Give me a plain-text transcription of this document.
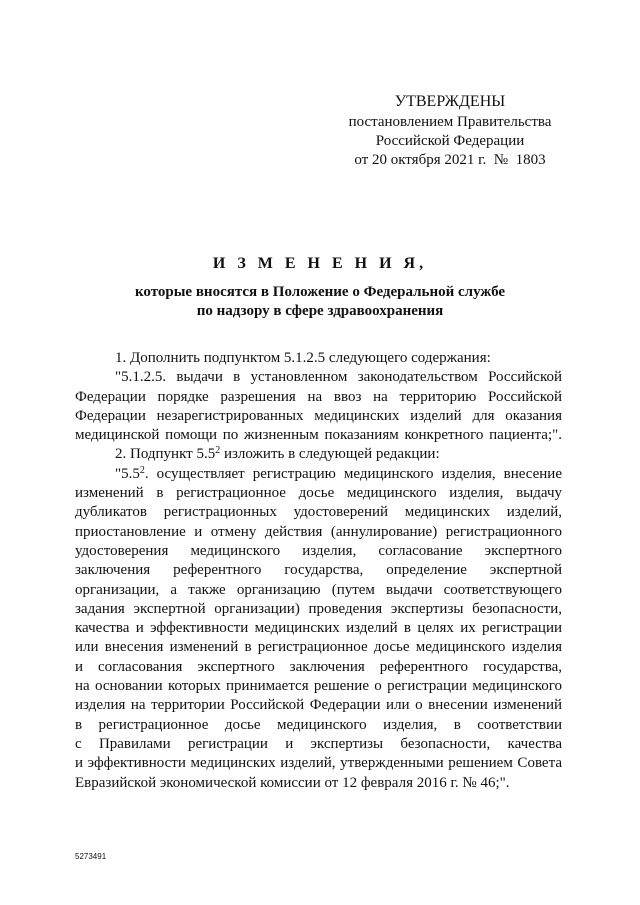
УТВЕРЖДЕНЫ
постановлением Правительства
Российской Федерации
от 20 октября 2021 г.  №  1803
И З М Е Н Е Н И Я,
которые вносятся в Положение о Федеральной службе
по надзору в сфере здравоохранения

1. Дополнить подпунктом 5.1.2.5 следующего содержания:

"5.1.2.5. выдачи в установленном законодательством Российской

Федерации порядке разрешения на ввоз на территорию Российской

Федерации незарегистрированных медицинских изделий для оказания

медицинской помощи по жизненным показаниям конкретного пациента;".

2. Подпункт $5.5^2$ изложить в следующей редакции:

"$5.5^2$. осуществляет регистрацию медицинского изделия, внесение

изменений в регистрационное досье медицинского изделия, выдачу

дубликатов регистрационных удостоверений медицинских изделий,

приостановление и отмену действия (аннулирование) регистрационного

удостоверения медицинского изделия, согласование экспертного

заключения референтного государства, определение экспертной

организации, а также организацию (путем выдачи соответствующего

задания экспертной организации) проведения экспертизы безопасности,

качества и эффективности медицинских изделий в целях их регистрации

или внесения изменений в регистрационное досье медицинского изделия

и согласования экспертного заключения референтного государства,

на основании которых принимается решение о регистрации медицинского

изделия на территории Российской Федерации или о внесении изменений

в регистрационное досье медицинского изделия, в соответствии

с Правилами регистрации и экспертизы безопасности, качества

и эффективности медицинских изделий, утвержденными решением Совета

Евразийской экономической комиссии от 12 февраля 2016 г. № 46;".

5273491
